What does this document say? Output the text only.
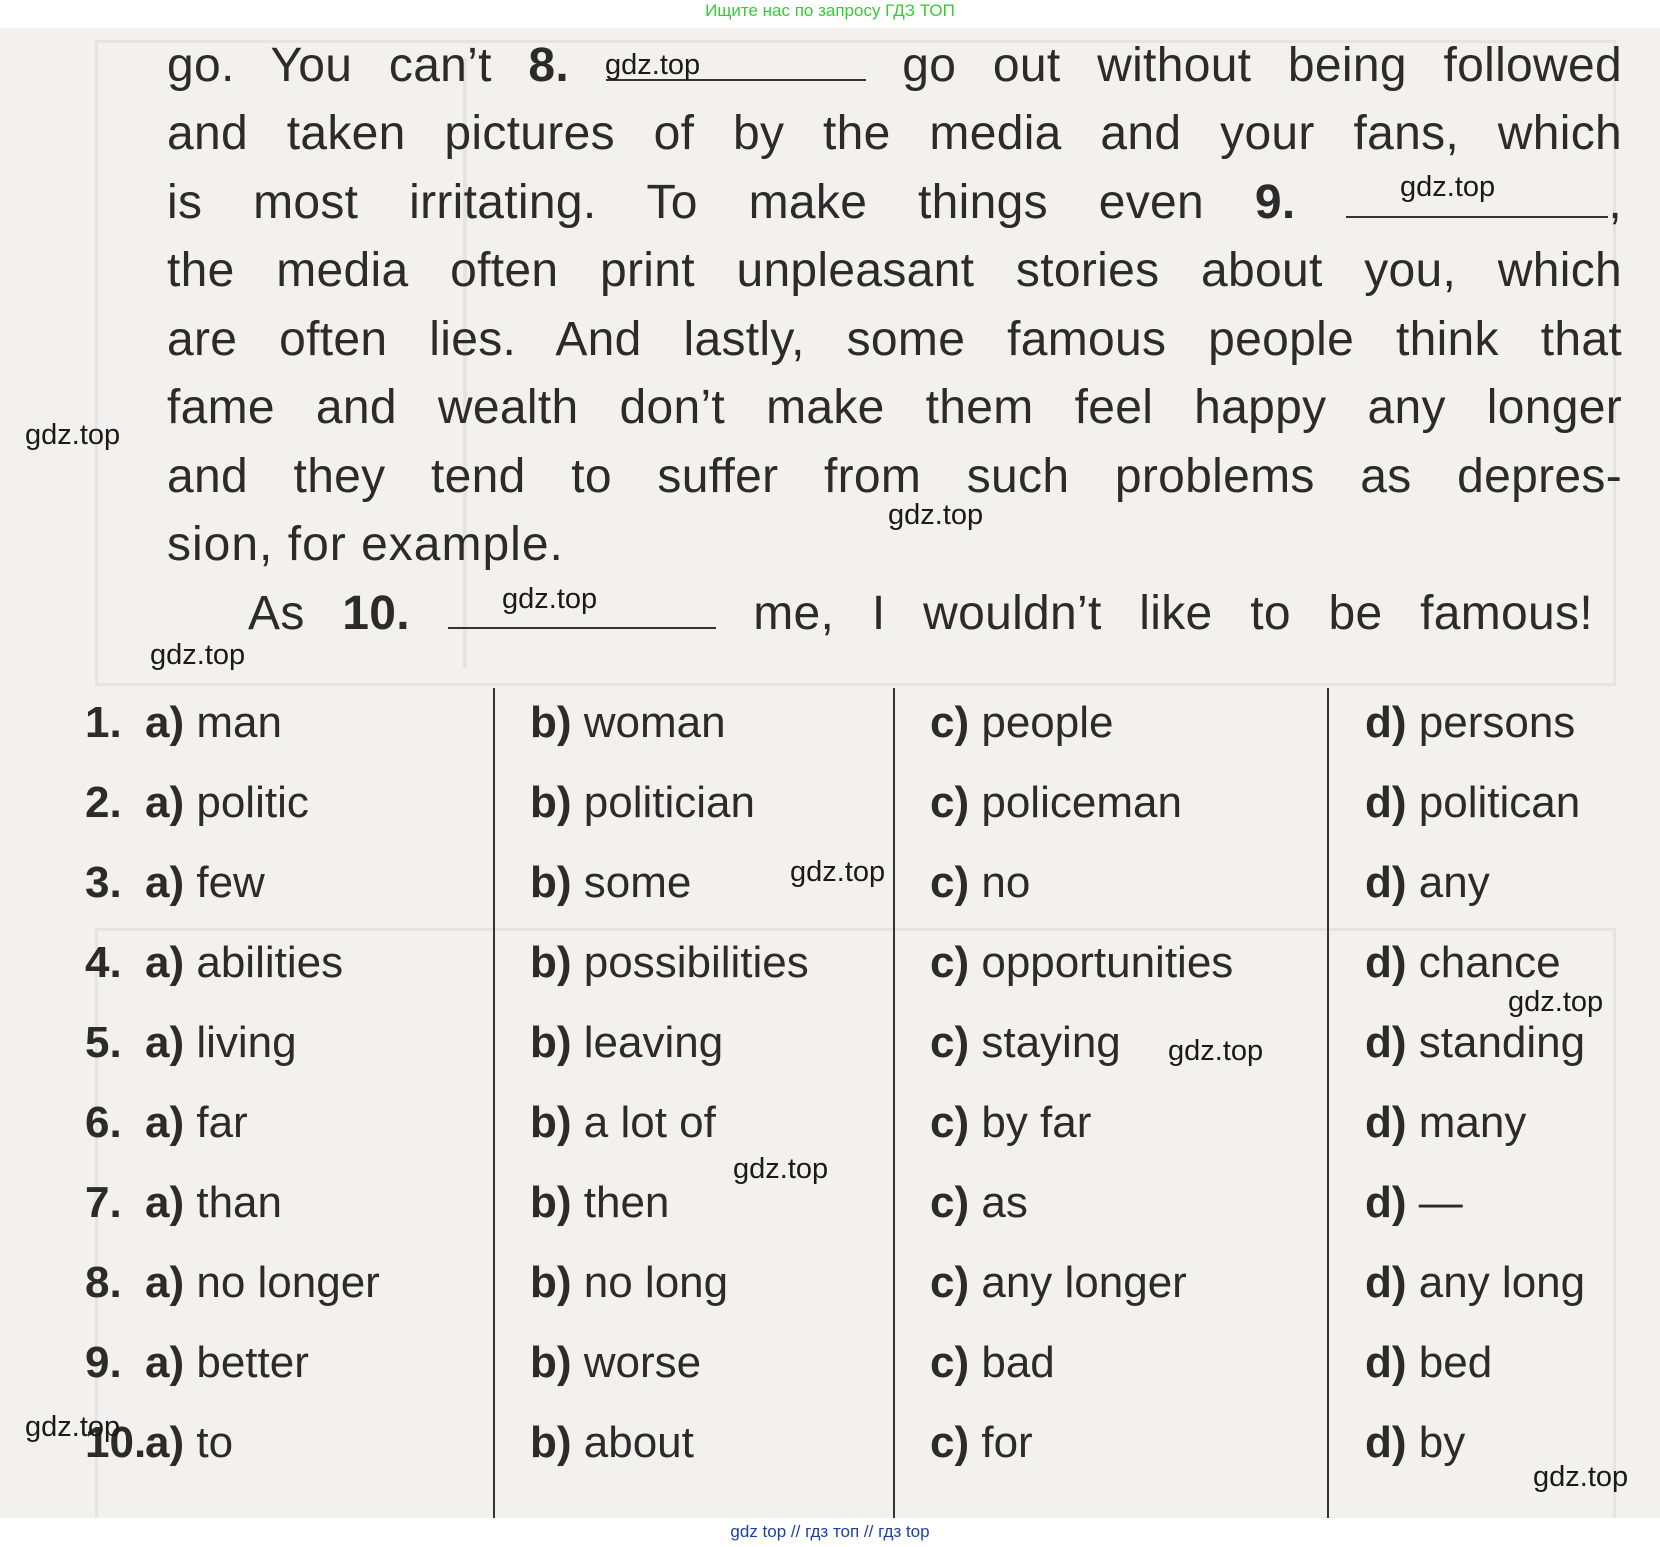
Ищите нас по запросу ГДЗ ТОП

go. You can’t 8.	go out without being followed

and taken pictures of by the media and your fans, which

is most irritating. To make things even 9.	,

the media often print unpleasant stories about you, which

are often lies. And lastly, some famous people think that

fame and wealth don’t make them feel happy any longer

and they tend to suffer from such problems as depres-

sion, for example.

As 10.	me, I wouldn’t like to be famous!

1. a) man	b) woman	c) people	d) persons
2. a) politic	b) politician	c) policeman	d) politican
3. a) few	b) some	c) no	d) any
4. a) abilities	b) possibilities	c) opportunities	d) chance
5. a) living	b) leaving	c) staying	d) standing
6. a) far	b) a lot of	c) by far	d) many
7. a) than	b) then	c) as	d) —
8. a) no longer	b) no long	c) any longer	d) any long
9. a) better	b) worse	c) bad	d) bed
10.a) to	b) about	c) for	d) by
gdz.top
gdz.top
gdz.top
gdz.top
gdz.top
gdz.top
gdz.top
gdz.top
gdz.top
gdz.top
gdz.top
gdz.top
gdz top // гдз топ // гдз top
